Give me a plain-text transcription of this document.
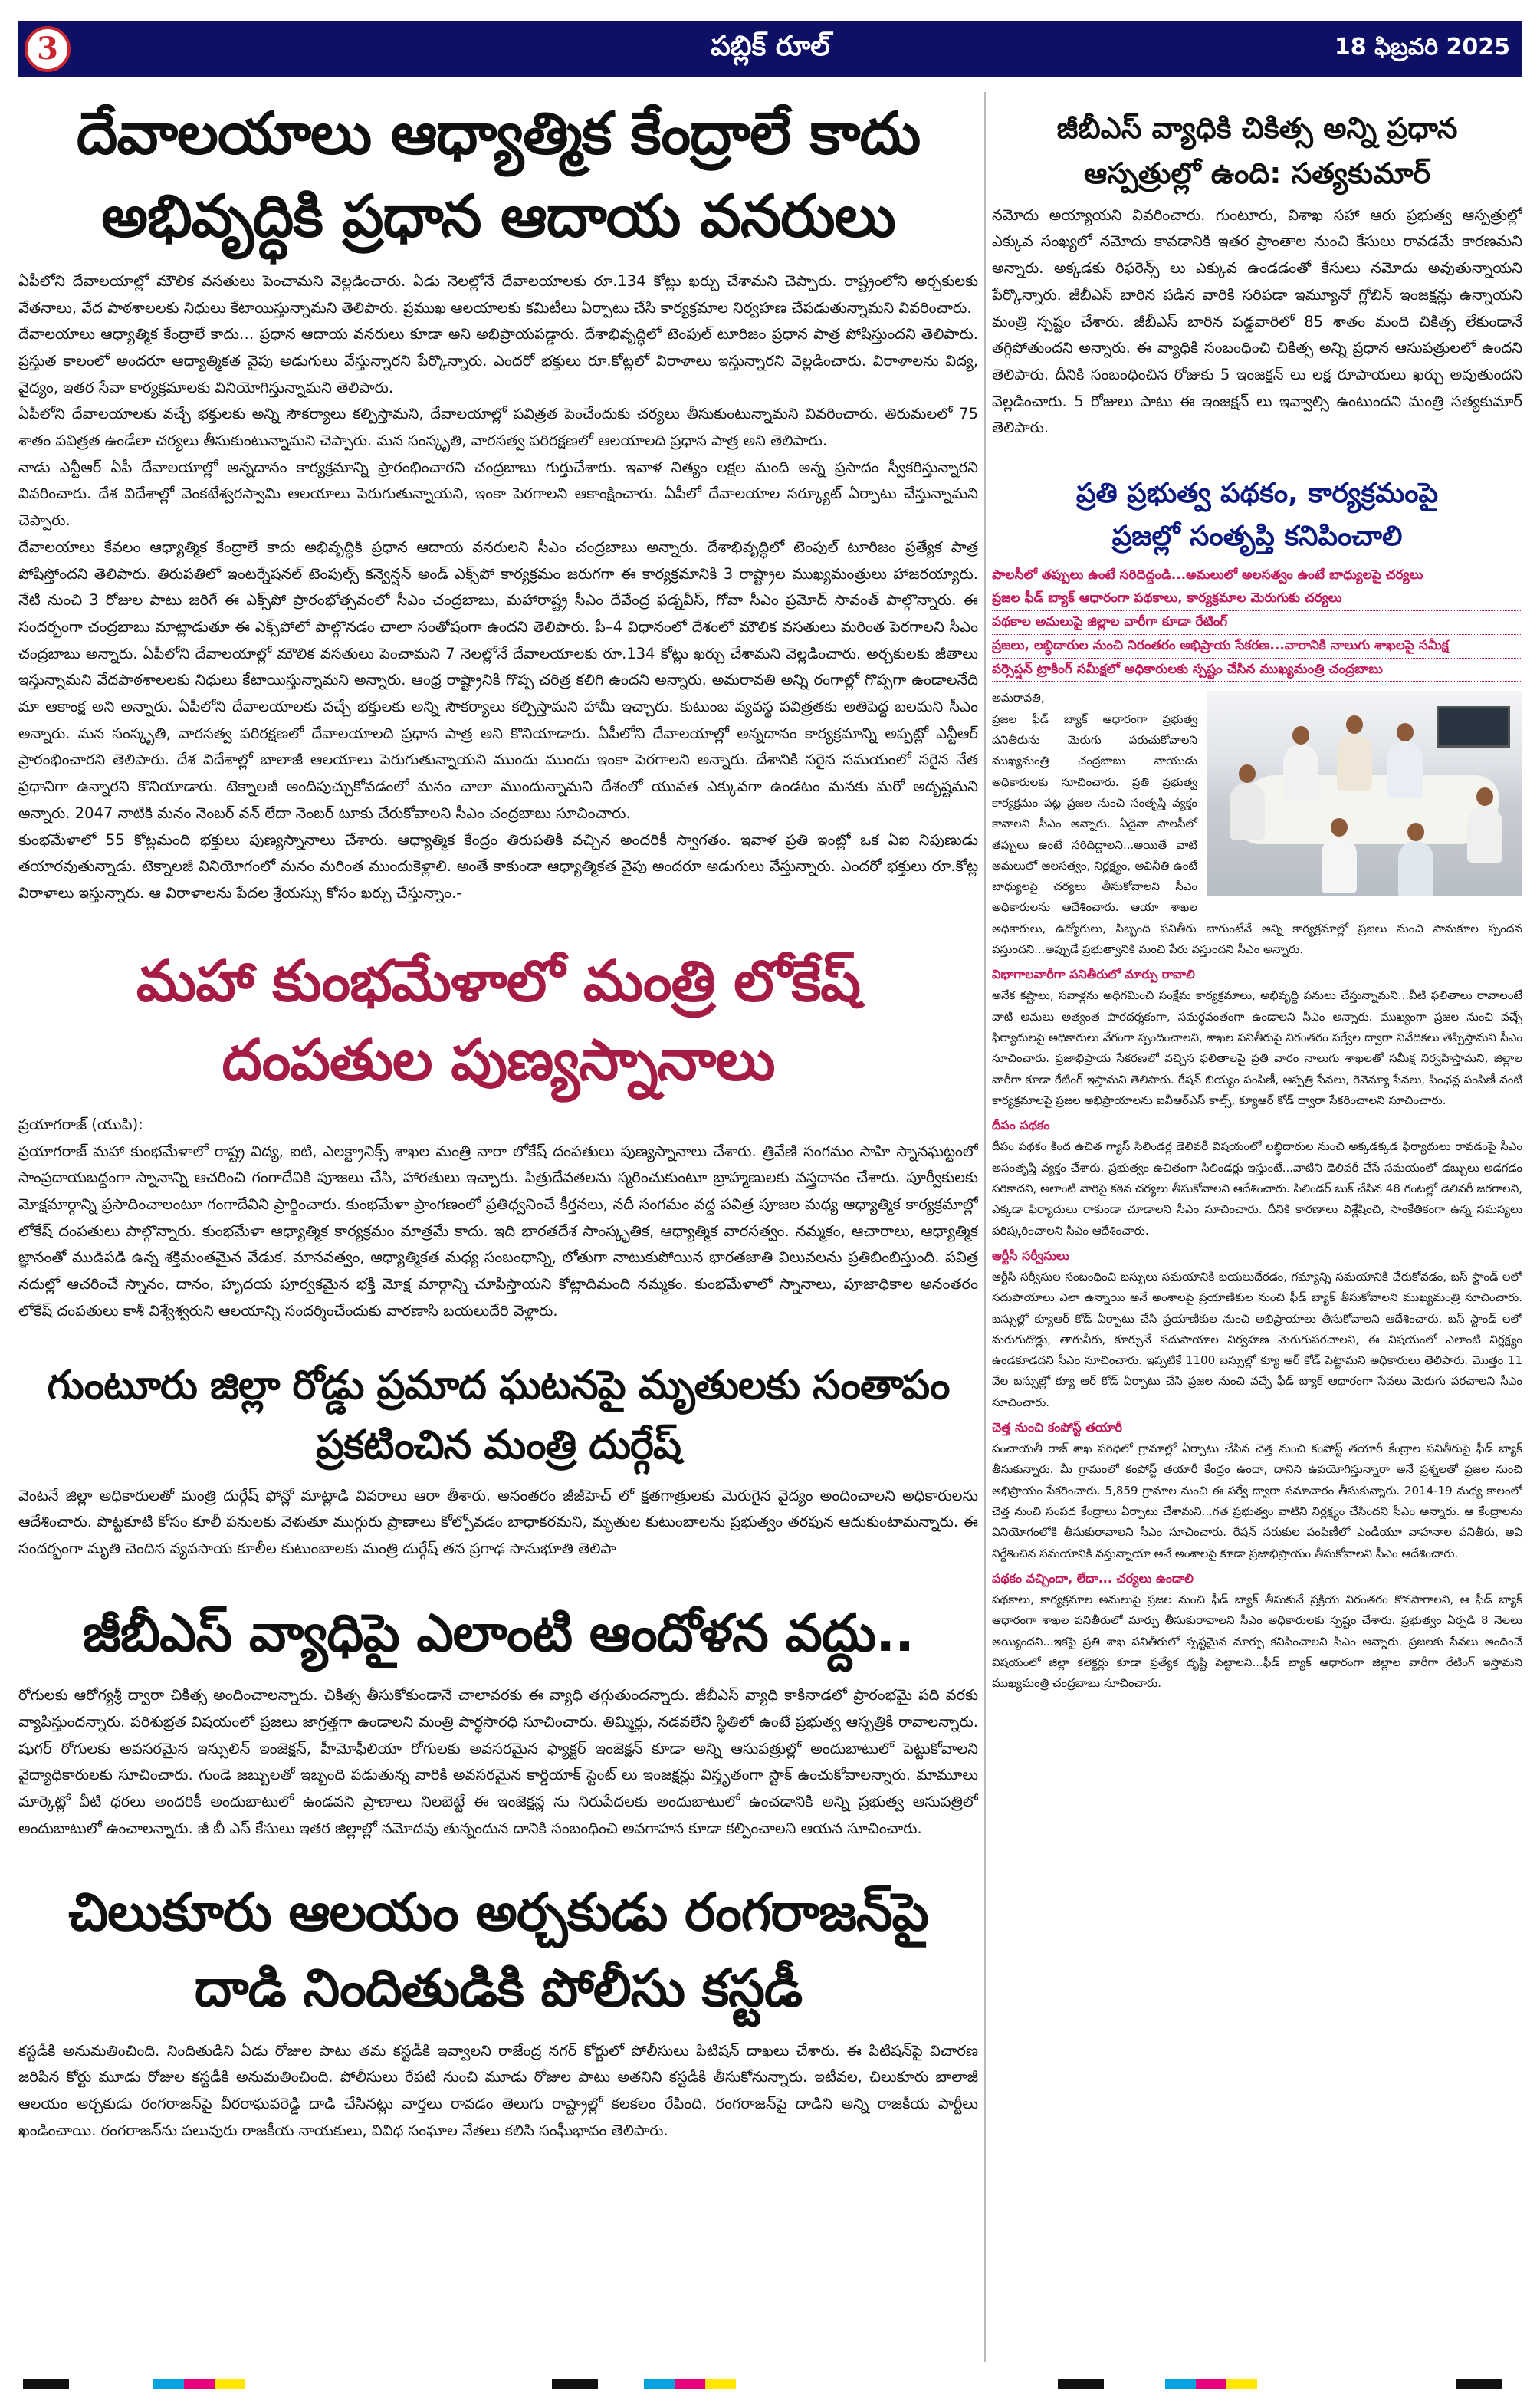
3	పబ్లిక్ రూల్	18 ఫిబ్రవరి 2025
దేవాలయాలు ఆధ్యాత్మిక కేంద్రాలే కాదు
అభివృద్ధికి ప్రధాన ఆదాయ వనరులు

ఏపీలోని దేవాలయాల్లో మౌలిక వసతులు పెంచామని వెల్లడించారు. ఏడు నెలల్లోనే దేవాలయాలకు రూ.134 కోట్లు ఖర్చు చేశామని చెప్పారు. రాష్ట్రంలోని అర్చకులకు వేతనాలు, వేద పాఠశాలలకు నిధులు కేటాయిస్తున్నామని తెలిపారు. ప్రముఖ ఆలయాలకు కమిటీలు ఏర్పాటు చేసి కార్యక్రమాల నిర్వహణ చేపడుతున్నామని వివరించారు.

దేవాలయాలు ఆధ్యాత్మిక కేంద్రాలే కాదు… ప్రధాన ఆదాయ వనరులు కూడా అని అభిప్రాయపడ్డారు. దేశాభివృద్ధిలో టెంపుల్ టూరిజం ప్రధాన పాత్ర పోషిస్తుందని తెలిపారు. ప్రస్తుత కాలంలో అందరూ ఆధ్యాత్మికత వైపు అడుగులు వేస్తున్నారని పేర్కొన్నారు. ఎందరో భక్తులు రూ.కోట్లలో విరాళాలు ఇస్తున్నారని వెల్లడించారు. విరాళాలను విద్య, వైద్యం, ఇతర సేవా కార్యక్రమాలకు వినియోగిస్తున్నామని తెలిపారు.

ఏపీలోని దేవాలయాలకు వచ్చే భక్తులకు అన్ని సౌకర్యాలు కల్పిస్తామని, దేవాలయాల్లో పవిత్రత పెంచేందుకు చర్యలు తీసుకుంటున్నామని వివరించారు. తిరుమలలో 75 శాతం పవిత్రత ఉండేలా చర్యలు తీసుకుంటున్నామని చెప్పారు. మన సంస్కృతి, వారసత్వ పరిరక్షణలో ఆలయాలది ప్రధాన పాత్ర అని తెలిపారు.

నాడు ఎన్టీఆర్ ఏపీ దేవాలయాల్లో అన్నదానం కార్యక్రమాన్ని ప్రారంభించారని చంద్రబాబు గుర్తుచేశారు. ఇవాళ నిత్యం లక్షల మంది అన్న ప్రసాదం స్వీకరిస్తున్నారని వివరించారు. దేశ విదేశాల్లో వెంకటేశ్వరస్వామి ఆలయాలు పెరుగుతున్నాయని, ఇంకా పెరగాలని ఆకాంక్షించారు. ఏపీలో దేవాలయాల సర్క్యూట్ ఏర్పాటు చేస్తున్నామని చెప్పారు.

దేవాలయాలు కేవలం ఆధ్యాత్మిక కేంద్రాలే కాదు అభివృద్ధికి ప్రధాన ఆదాయ వనరులని సీఎం చంద్రబాబు అన్నారు. దేశాభివృద్ధిలో టెంపుల్ టూరిజం ప్రత్యేక పాత్ర పోషిస్తోందని తెలిపారు. తిరుపతిలో ఇంటర్నేషనల్ టెంపుల్స్ కన్వెన్షన్ అండ్ ఎక్స్‌పో కార్యక్రమం జరుగగా ఈ కార్యక్రమానికి 3 రాష్ట్రాల ముఖ్యమంత్రులు హాజరయ్యారు. నేటి నుంచి 3 రోజుల పాటు జరిగే ఈ ఎక్స్‌పో ప్రారంభోత్సవంలో సీఎం చంద్రబాబు, మహారాష్ట్ర సీఎం దేవేంద్ర ఫడ్నవీస్, గోవా సీఎం ప్రమోద్ సావంత్ పాల్గొన్నారు. ఈ సందర్భంగా చంద్రబాబు మాట్లాడుతూ ఈ ఎక్స్‌పోలో పాల్గొనడం చాలా సంతోషంగా ఉందని తెలిపారు. పీ–4 విధానంలో దేశంలో మౌలిక వసతులు మరింత పెరగాలని సీఎం చంద్రబాబు అన్నారు. ఏపీలోని దేవాలయాల్లో మౌలిక వసతులు పెంచామని 7 నెలల్లోనే దేవాలయాలకు రూ.134 కోట్లు ఖర్చు చేశామని వెల్లడించారు. అర్చకులకు జీతాలు ఇస్తున్నామని వేదపాఠశాలలకు నిధులు కేటాయిస్తున్నామని అన్నారు. ఆంధ్ర రాష్ట్రానికి గొప్ప చరిత్ర కలిగి ఉందని అన్నారు. అమరావతి అన్ని రంగాల్లో గొప్పగా ఉండాలనేది మా ఆకాంక్ష అని అన్నారు. ఏపీలోని దేవాలయాలకు వచ్చే భక్తులకు అన్ని సౌకర్యాలు కల్పిస్తామని హామీ ఇచ్చారు. కుటుంబ వ్యవస్థ పవిత్రతకు అతిపెద్ద బలమని సీఎం అన్నారు. మన సంస్కృతి, వారసత్వ పరిరక్షణలో దేవాలయాలది ప్రధాన పాత్ర అని కొనియాడారు. ఏపీలోని దేవాలయాల్లో అన్నదానం కార్యక్రమాన్ని అప్పట్లో ఎన్టీఆర్ ప్రారంభించారని తెలిపారు. దేశ విదేశాల్లో బాలాజీ ఆలయాలు పెరుగుతున్నాయని ముందు ముందు ఇంకా పెరగాలని అన్నారు. దేశానికి సరైన సమయంలో సరైన నేత ప్రధానిగా ఉన్నారని కొనియాడారు. టెక్నాలజీ అందిపుచ్చుకోవడంలో మనం చాలా ముందున్నామని దేశంలో యువత ఎక్కువగా ఉండటం మనకు మరో అదృష్టమని అన్నారు. 2047 నాటికి మనం నెంబర్ వన్ లేదా నెంబర్ టూకు చేరుకోవాలని సీఎం చంద్రబాబు సూచించారు.

కుంభమేళాలో 55 కోట్లమంది భక్తులు పుణ్యస్నానాలు చేశారు. ఆధ్యాత్మిక కేంద్రం తిరుపతికి వచ్చిన అందరికీ స్వాగతం. ఇవాళ ప్రతి ఇంట్లో ఒక ఏఐ నిపుణుడు తయారవుతున్నాడు. టెక్నాలజీ వినియోగంలో మనం మరింత ముందుకెళ్లాలి. అంతే కాకుండా ఆధ్యాత్మికత వైపు అందరూ అడుగులు వేస్తున్నారు. ఎందరో భక్తులు రూ.కోట్ల విరాళాలు ఇస్తున్నారు. ఆ విరాళాలను పేదల శ్రేయస్సు కోసం ఖర్చు చేస్తున్నాం.-

మహా కుంభమేళాలో మంత్రి లోకేష్
దంపతుల పుణ్యస్నానాలు

ప్రయాగరాజ్ (యుపి):

ప్రయాగరాజ్ మహా కుంభమేళాలో రాష్ట్ర విద్య, ఐటి, ఎలక్ట్రానిక్స్ శాఖల మంత్రి నారా లోకేష్ దంపతులు పుణ్యస్నానాలు చేశారు. త్రివేణి సంగమం సాహి స్నానఘట్టంలో సాంప్రదాయబద్ధంగా స్నానాన్ని ఆచరించి గంగాదేవికి పూజలు చేసి, హారతులు ఇచ్చారు. పిత్రుదేవతలను స్మరించుకుంటూ బ్రాహ్మణులకు వస్త్రదానం చేశారు. పూర్వీకులకు మోక్షమార్గాన్ని ప్రసాదించాలంటూ గంగాదేవిని ప్రార్థించారు. కుంభమేళా ప్రాంగణంలో ప్రతిధ్వనించే కీర్తనలు, నదీ సంగమం వద్ద పవిత్ర పూజల మధ్య ఆధ్యాత్మిక కార్యక్రమాల్లో లోకేష్ దంపతులు పాల్గొన్నారు. కుంభమేళా ఆధ్యాత్మిక కార్యక్రమం మాత్రమే కాదు. ఇది భారతదేశ సాంస్కృతిక, ఆధ్యాత్మిక వారసత్వం. నమ్మకం, ఆచారాలు, ఆధ్యాత్మిక జ్ఞానంతో ముడిపడి ఉన్న శక్తిమంతమైన వేడుక. మానవత్వం, ఆధ్యాత్మికత మధ్య సంబంధాన్ని, లోతుగా నాటుకుపోయిన భారతజాతి విలువలను ప్రతిబింబిస్తుంది. పవిత్ర నదుల్లో ఆచరించే స్నానం, దానం, హృదయ పూర్వకమైన భక్తి మోక్ష మార్గాన్ని చూపిస్తాయని కోట్లాదిమంది నమ్మకం. కుంభమేళాలో స్నానాలు, పూజాధికాల అనంతరం లోకేష్ దంపతులు కాశీ విశ్వేశ్వరుని ఆలయాన్ని సందర్శించేందుకు వారణాసి బయలుదేరి వెళ్లారు.

గుంటూరు జిల్లా రోడ్డు ప్రమాద ఘటనపై మృతులకు సంతాపం
ప్రకటించిన మంత్రి దుర్గేష్

వెంటనే జిల్లా అధికారులతో మంత్రి దుర్గేష్ ఫోన్లో మాట్లాడి వివరాలు ఆరా తీశారు. అనంతరం జీజీహెచ్ లో క్షతగాత్రులకు మెరుగైన వైద్యం అందించాలని అధికారులను ఆదేశించారు. పొట్టకూటి కోసం కూలీ పనులకు వెళుతూ ముగ్గురు ప్రాణాలు కోల్పోవడం బాధాకరమని, మృతుల కుటుంబాలను ప్రభుత్వం తరఫున ఆదుకుంటామన్నారు. ఈ సందర్భంగా మృతి చెందిన వ్యవసాయ కూలీల కుటుంబాలకు మంత్రి దుర్గేష్ తన ప్రగాఢ సానుభూతి తెలిపా

జీబీఎస్ వ్యాధిపై ఎలాంటి ఆందోళన వద్దు..

రోగులకు ఆరోగ్యశ్రీ ద్వారా చికిత్స అందించాలన్నారు. చికిత్స తీసుకోకుండానే చాలావరకు ఈ వ్యాధి తగ్గుతుందన్నారు. జీబీఎస్ వ్యాధి కాకినాడలో ప్రారంభమై పది వరకు వ్యాపిస్తుందన్నారు. పరిశుభ్రత విషయంలో ప్రజలు జాగ్రత్తగా ఉండాలని మంత్రి పార్థసారధి సూచించారు. తిమ్మిర్లు, నడవలేని స్థితిలో ఉంటే ప్రభుత్వ ఆస్పత్రికి రావాలన్నారు. షుగర్ రోగులకు అవసరమైన ఇన్సులిన్ ఇంజెక్షన్, హీమోఫీలియా రోగులకు అవసరమైన ఫ్యాక్టర్ ఇంజెక్షన్ కూడా అన్ని ఆసుపత్రుల్లో అందుబాటులో పెట్టుకోవాలని వైద్యాధికారులకు సూచించారు. గుండె జబ్బులతో ఇబ్బంది పడుతున్న వారికి అవసరమైన కార్డియాక్ స్టెంట్ లు ఇంజక్షన్లు విస్తృతంగా స్టాక్ ఉంచుకోవాలన్నారు. మామూలు మార్కెట్లో వీటి ధరలు అందరికీ అందుబాటులో ఉండవని ప్రాణాలు నిలబెట్టే ఈ ఇంజెక్షన్ల ను నిరుపేదలకు అందుబాటులో ఉంచడానికి అన్ని ప్రభుత్వ ఆసుపత్రిలో అందుబాటులో ఉంచాలన్నారు. జీ బీ ఎస్ కేసులు ఇతర జిల్లాల్లో నమోదవు తున్నందున దానికి సంబంధించి అవగాహన కూడా కల్పించాలని ఆయన సూచించారు.

చిలుకూరు ఆలయం అర్చకుడు రంగరాజన్‌పై
దాడి నిందితుడికి పోలీసు కస్టడీ

కస్టడీకి అనుమతించింది. నిందితుడిని ఏడు రోజుల పాటు తమ కస్టడీకి ఇవ్వాలని రాజేంద్ర నగర్ కోర్టులో పోలీసులు పిటిషన్ దాఖలు చేశారు. ఈ పిటిషన్‌పై విచారణ జరిపిన కోర్టు మూడు రోజుల కస్టడీకి అనుమతించింది. పోలీసులు రేపటి నుంచి మూడు రోజుల పాటు అతనిని కస్టడీకి తీసుకోనున్నారు. ఇటీవల, చిలుకూరు బాలాజీ ఆలయం అర్చకుడు రంగరాజన్‌పై వీరరాఘవరెడ్డి దాడి చేసినట్లు వార్తలు రావడం తెలుగు రాష్ట్రాల్లో కలకలం రేపింది. రంగరాజన్‌పై దాడిని అన్ని రాజకీయ పార్టీలు ఖండించాయి. రంగరాజన్‌ను పలువురు రాజకీయ నాయకులు, వివిధ సంఘాల నేతలు కలిసి సంఘీభావం తెలిపారు.

జీబీఎస్ వ్యాధికి చికిత్స అన్ని ప్రధాన
ఆస్పత్రుల్లో ఉంది: సత్యకుమార్

నమోదు అయ్యాయని వివరించారు. గుంటూరు, విశాఖ సహా ఆరు ప్రభుత్వ ఆస్పత్రుల్లో ఎక్కువ సంఖ్యలో నమోదు కావడానికి ఇతర ప్రాంతాల నుంచి కేసులు రావడమే కారణమని అన్నారు. అక్కడకు రిఫరెన్స్ లు ఎక్కువ ఉండడంతో కేసులు నమోదు అవుతున్నాయని పేర్కొన్నారు. జీబీఎస్ బారిన పడిన వారికి సరిపడా ఇమ్యూనో గ్లోబిన్ ఇంజక్షన్లు ఉన్నాయని మంత్రి స్పష్టం చేశారు. జీబీఎస్ బారిన పడ్డవారిలో 85 శాతం మంది చికిత్స లేకుండానే తగ్గిపోతుందని అన్నారు. ఈ వ్యాధికి సంబంధించి చికిత్స అన్ని ప్రధాన ఆసుపత్రులలో ఉందని తెలిపారు. దీనికి సంబంధించిన రోజుకు 5 ఇంజక్షన్ లు లక్ష రూపాయలు ఖర్చు అవుతుందని వెల్లడించారు. 5 రోజులు పాటు ఈ ఇంజక్షన్ లు ఇవ్వాల్సి ఉంటుందని మంత్రి సత్యకుమార్ తెలిపారు.

ప్రతి ప్రభుత్వ పథకం, కార్యక్రమంపై
ప్రజల్లో సంతృప్తి కనిపించాలి
పాలసీలో తప్పులు ఉంటే సరిదిద్దండి...అమలులో అలసత్వం ఉంటే బాధ్యులపై చర్యలు
ప్రజల ఫీడ్ బ్యాక్ ఆధారంగా పథకాలు, కార్యక్రమాల మెరుగుకు చర్యలు
పథకాల అమలుపై జిల్లాల వారీగా కూడా రేటింగ్
ప్రజలు, లబ్ధిదారుల నుంచి నిరంతరం అభిప్రాయ సేకరణ...వారానికి నాలుగు శాఖలపై సమీక్ష
పర్సెప్షన్ ట్రాకింగ్ సమీక్షలో అధికారులకు స్పష్టం చేసిన ముఖ్యమంత్రి చంద్రబాబు

అమరావతి,

ప్రజల ఫీడ్ బ్యాక్ ఆధారంగా ప్రభుత్వ పనితీరును మెరుగు పరుచుకోవాలని ముఖ్యమంత్రి చంద్రబాబు నాయుడు అధికారులకు సూచించారు. ప్రతి ప్రభుత్వ కార్యక్రమం పట్ల ప్రజల నుంచి సంతృప్తి వ్యక్తం కావాలని సీఎం అన్నారు. ఏదైనా పాలసీలో తప్పులు ఉంటే సరిదిద్దాలని...అయితే వాటి అమలులో అలసత్వం, నిర్లక్ష్యం, అవినీతి ఉంటే బాధ్యులపై చర్యలు తీసుకోవాలని సీఎం అధికారులను ఆదేశించారు. ఆయా శాఖల అధికారులు, ఉద్యోగులు, సిబ్బంది పనితీరు బాగుంటేనే అన్ని కార్యక్రమాల్లో ప్రజలు నుంచి సానుకూల స్పందన వస్తుందని...అప్పుడే ప్రభుత్వానికి మంచి పేరు వస్తుందని సీఎం అన్నారు.

విభాగాలవారీగా పనితీరులో మార్పు రావాలి

అనేక కష్టాలు, సవాళ్లను అధిగమించి సంక్షేమ కార్యక్రమాలు, అభివృద్ధి పనులు చేస్తున్నామని...వీటి ఫలితాలు రావాలంటే వాటి అమలు అత్యంత పారదర్శకంగా, సమర్థవంతంగా ఉండాలని సీఎం అన్నారు. ముఖ్యంగా ప్రజల నుంచి వచ్చే ఫిర్యాదులపై అధికారులు వేగంగా స్పందించాలని, శాఖల పనితీరుపై నిరంతరం సర్వేల ద్వారా నివేదికలు తెప్పిస్తామని సీఎం సూచించారు. ప్రజాభిప్రాయ సేకరణలో వచ్చిన ఫలితాలపై ప్రతి వారం నాలుగు శాఖలతో సమీక్ష నిర్వహిస్తామని, జిల్లాల వారీగా కూడా రేటింగ్ ఇస్తామని తెలిపారు. రేషన్ బియ్యం పంపిణీ, ఆస్పత్రి సేవలు, రెవెన్యూ సేవలు, పింఛన్ల పంపిణీ వంటి కార్యక్రమాలపై ప్రజల అభిప్రాయాలను ఐవీఆర్ఎస్ కాల్స్, క్యూఆర్ కోడ్ ద్వారా సేకరించాలని సూచించారు.

దీపం పథకం

దీపం పథకం కింద ఉచిత గ్యాస్ సిలిండర్ల డెలివరీ విషయంలో లబ్ధిదారుల నుంచి అక్కడక్కడ ఫిర్యాదులు రావడంపై సీఎం అసంతృప్తి వ్యక్తం చేశారు. ప్రభుత్వం ఉచితంగా సిలిండర్లు ఇస్తుంటే...వాటిని డెలివరీ చేసే సమయంలో డబ్బులు అడగడం సరికాదని, అలాంటి వారిపై కఠిన చర్యలు తీసుకోవాలని ఆదేశించారు. సిలిండర్ బుక్ చేసిన 48 గంటల్లో డెలివరీ జరగాలని, ఎక్కడా ఫిర్యాదులు రాకుండా చూడాలని సీఎం సూచించారు. దీనికి కారణాలు విశ్లేషించి, సాంకేతికంగా ఉన్న సమస్యలు పరిష్కరించాలని సీఎం ఆదేశించారు.

ఆర్టీసీ సర్వీసులు

ఆర్టీసీ సర్వీసుల సంబంధించి బస్సులు సమయానికి బయలుదేరడం, గమ్యాన్ని సమయానికి చేరుకోవడం, బస్ స్టాండ్ లలో సదుపాయాలు ఎలా ఉన్నాయి అనే అంశాలపై ప్రయాణికుల నుంచి ఫీడ్ బ్యాక్ తీసుకోవాలని ముఖ్యమంత్రి సూచించారు. బస్సుల్లో క్యూఆర్ కోడ్ ఏర్పాటు చేసి ప్రయాణికుల నుంచి అభిప్రాయాలు తీసుకోవాలని ఆదేశించారు. బస్ స్టాండ్ లలో మరుగుదొడ్లు, తాగునీరు, కూర్చునే సదుపాయాల నిర్వహణ మెరుగుపరచాలని, ఈ విషయంలో ఎలాంటి నిర్లక్ష్యం ఉండకూడదని సీఎం సూచించారు. ఇప్పటికే 1100 బస్సుల్లో క్యూ ఆర్ కోడ్ పెట్టామని అధికారులు తెలిపారు. మొత్తం 11 వేల బస్సుల్లో క్యూ ఆర్ కోడ్ ఏర్పాటు చేసి ప్రజల నుంచి వచ్చే ఫీడ్ బ్యాక్ ఆధారంగా సేవలు మెరుగు పరచాలని సీఎం సూచించారు.

చెత్త నుంచి కంపోస్ట్ తయారీ

పంచాయతీ రాజ్ శాఖ పరిధిలో గ్రామాల్లో ఏర్పాటు చేసిన చెత్త నుంచి కంపోస్ట్ తయారీ కేంద్రాల పనితీరుపై ఫీడ్ బ్యాక్ తీసుకున్నారు. మీ గ్రామంలో కంపోస్ట్ తయారీ కేంద్రం ఉందా, దానిని ఉపయోగిస్తున్నారా అనే ప్రశ్నలతో ప్రజల నుంచి అభిప్రాయం సేకరించారు. 5,859 గ్రామాల నుంచి ఈ సర్వే ద్వారా సమాచారం తీసుకున్నారు. 2014-19 మధ్య కాలంలో చెత్త నుంచి సంపద కేంద్రాలు ఏర్పాటు చేశామని...గత ప్రభుత్వం వాటిని నిర్లక్ష్యం చేసిందని సీఎం అన్నారు. ఆ కేంద్రాలను వినియోగంలోకి తీసుకురావాలని సీఎం సూచించారు. రేషన్ సరుకుల పంపిణీలో ఎండీయూ వాహనాల పనితీరు, అవి నిర్దేశించిన సమయానికి వస్తున్నాయా అనే అంశాలపై కూడా ప్రజాభిప్రాయం తీసుకోవాలని సీఎం ఆదేశించారు.

పథకం వచ్చిందా, లేదా... చర్యలు ఉండాలి

పథకాలు, కార్యక్రమాల అమలుపై ప్రజల నుంచి ఫీడ్ బ్యాక్ తీసుకునే ప్రక్రియ నిరంతరం కొనసాగాలని, ఆ ఫీడ్ బ్యాక్ ఆధారంగా శాఖల పనితీరులో మార్పు తీసుకురావాలని సీఎం అధికారులకు స్పష్టం చేశారు. ప్రభుత్వం ఏర్పడి 8 నెలలు అయ్యిందని...ఇకపై ప్రతి శాఖ పనితీరులో స్పష్టమైన మార్పు కనిపించాలని సీఎం అన్నారు. ప్రజలకు సేవలు అందించే విషయంలో జిల్లా కలెక్టర్లు కూడా ప్రత్యేక దృష్టి పెట్టాలని...ఫీడ్ బ్యాక్ ఆధారంగా జిల్లాల వారీగా రేటింగ్ ఇస్తామని ముఖ్యమంత్రి చంద్రబాబు సూచించారు.
